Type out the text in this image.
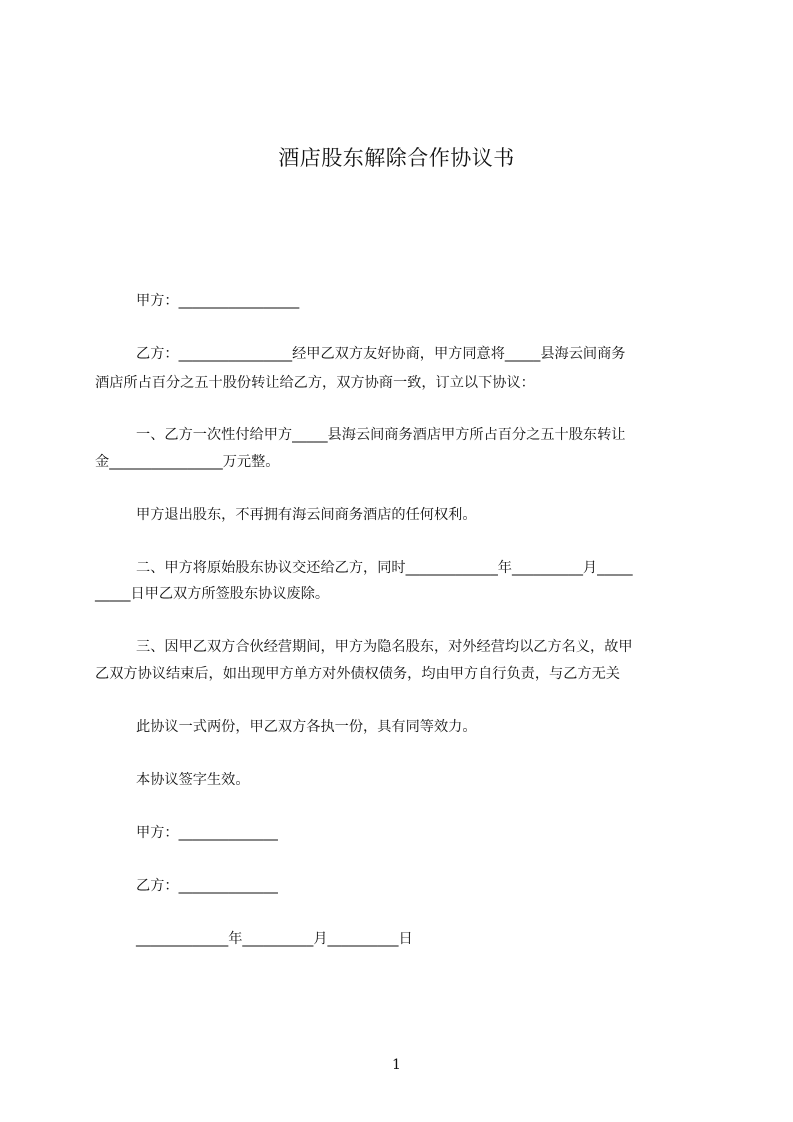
酒店股东解除合作协议书
甲方：_________________
乙方：________________经甲乙双方友好协商，甲方同意将_____县海云间商务
酒店所占百分之五十股份转让给乙方，双方协商一致，订立以下协议：
一、乙方一次性付给甲方_____县海云间商务酒店甲方所占百分之五十股东转让
金________________万元整。
甲方退出股东，不再拥有海云间商务酒店的任何权利。
二、甲方将原始股东协议交还给乙方，同时_____________年__________月_____
_____日甲乙双方所签股东协议废除。
三、因甲乙双方合伙经营期间，甲方为隐名股东，对外经营均以乙方名义，故甲
乙双方协议结束后，如出现甲方单方对外债权债务，均由甲方自行负责，与乙方无关
此协议一式两份，甲乙双方各执一份，具有同等效力。
本协议签字生效。
甲方：______________
乙方：______________
_____________年__________月__________日
1
